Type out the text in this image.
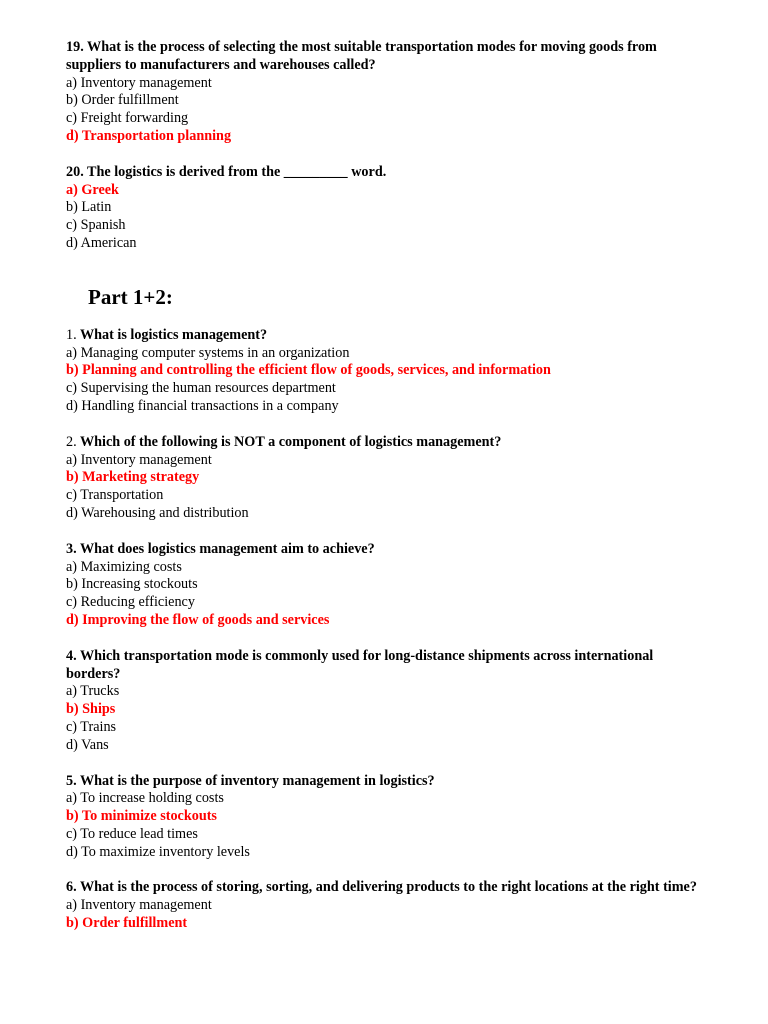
19. What is the process of selecting the most suitable transportation modes for moving goods from suppliers to manufacturers and warehouses called?
a) Inventory management
b) Order fulfillment
c) Freight forwarding
d) Transportation planning
20. The logistics is derived from the _________ word.
a) Greek
b) Latin
c) Spanish
d) American
Part 1+2:
1. What is logistics management?
a) Managing computer systems in an organization
b) Planning and controlling the efficient flow of goods, services, and information
c) Supervising the human resources department
d) Handling financial transactions in a company
2. Which of the following is NOT a component of logistics management?
a) Inventory management
b) Marketing strategy
c) Transportation
d) Warehousing and distribution
3. What does logistics management aim to achieve?
a) Maximizing costs
b) Increasing stockouts
c) Reducing efficiency
d) Improving the flow of goods and services
4. Which transportation mode is commonly used for long-distance shipments across international borders?
a) Trucks
b) Ships
c) Trains
d) Vans
5. What is the purpose of inventory management in logistics?
a) To increase holding costs
b) To minimize stockouts
c) To reduce lead times
d) To maximize inventory levels
6. What is the process of storing, sorting, and delivering products to the right locations at the right time?
a) Inventory management
b) Order fulfillment
